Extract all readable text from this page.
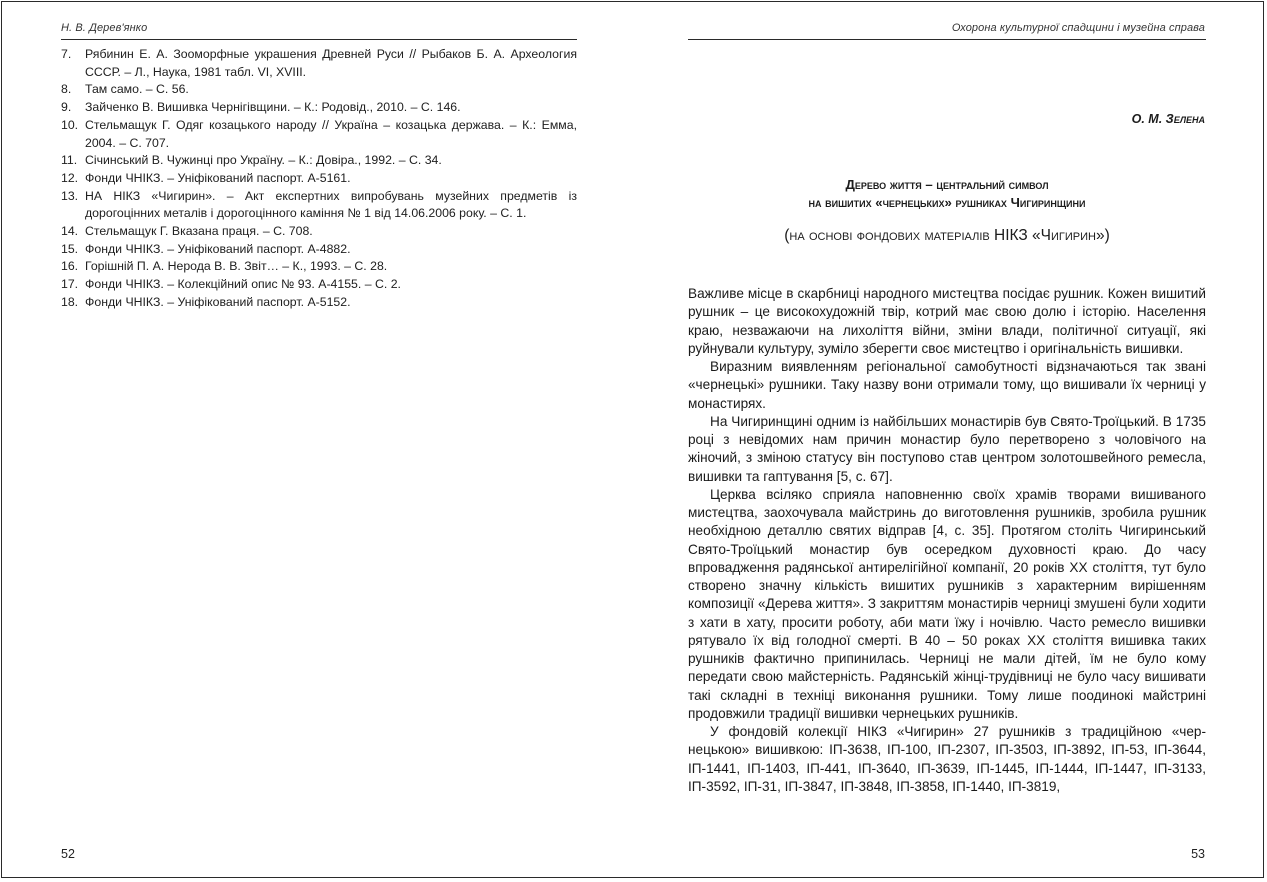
Н. В. Дерев'янко
7.	Рябинин Е. А. Зооморфные украшения Древней Руси // Рыбаков Б. А. Археология СССР. – Л., Наука, 1981 табл. VI, XVIII.
8.	Там само. – С. 56.
9.	Зайченко В. Вишивка Чернігівщини. – К.: Родовід., 2010. – С. 146.
10. Стельмащук Г. Одяг козацького народу // Україна – козацька держава. – К.: Емма, 2004. – С. 707.
11. Січинський В. Чужинці про Україну. – К.: Довіра., 1992. – С. 34.
12. Фонди ЧНІКЗ. – Уніфікований паспорт. А-5161.
13. НА НІКЗ «Чигирин». – Акт експертних випробувань музейних предметів із дорогоцінних металів і дорогоцінного каміння № 1 від 14.06.2006 року. – С. 1.
14. Стельмащук Г. Вказана праця. – С. 708.
15. Фонди ЧНІКЗ. – Уніфікований паспорт. А-4882.
16. Горішній П. А. Нерода В. В. Звіт… – К., 1993. – С. 28.
17. Фонди ЧНІКЗ. – Колекційний опис № 93. А-4155. – С. 2.
18. Фонди ЧНІКЗ. – Уніфікований паспорт. А-5152.
52
Охорона культурної спадщини і музейна справа
О. М. Зелена
Дерево життя – центральний символ
на вишитих «чернецьких» рушниках Чигиринщини
(на основі фондових матеріалів НІКЗ «Чигирин»)

Важливе місце в скарбниці народного мистецтва посідає рушник. Кожен вишитий рушник – це високохудожній твір, котрий має свою долю і історію. Населення краю, незважаючи на лихоліття війни, зміни влади, політичної ситуації, які руйнували культуру, зуміло зберегти своє мистецтво і оригінальність вишивки.

Виразним виявленням регіональної самобутності відзначаються так звані «чернецькі» рушники. Таку назву вони отримали тому, що вишивали їх черниці у монастирях.

На Чигиринщині одним із найбільших монастирів був Свято-Троїцький. В 1735 році з невідомих нам причин монастир було перетворено з чоловічого на жіночий, з зміною статусу він поступово став центром золотошвейного ремесла, вишивки та гаптування [5, с. 67].

Церква всіляко сприяла наповненню своїх храмів творами вишиваного мистецтва, заохочувала майстринь до виготовлення рушників, зробила рушник необхідною деталлю святих відправ [4, с. 35]. Протягом століть Чигиринський Свято-Троїцький монастир був осередком духовності краю. До часу впровадження радянської антирелігійної компанії, 20 років XX століття, тут було створено значну кількість вишитих рушників з характерним вирішенням композиції «Дерева життя». З закриттям монастирів черниці змушені були ходити з хати в хату, просити роботу, аби мати їжу і ночівлю. Часто ремесло вишивки рятувало їх від голодної смерті. В 40 – 50 роках XX століття вишивка таких рушників фактично припинилась. Черниці не мали дітей, їм не було кому передати свою майстерність. Радянській жінці-трудівниці не було часу вишивати такі складні в техніці виконання рушники. Тому лише поодинокі майстрині продовжили традиції вишивки чернецьких рушників.

У фондовій колекції НІКЗ «Чигирин» 27 рушників з традиційною «чернецькою» вишивкою: ІП-3638, ІП-100, ІП-2307, ІП-3503, ІП-3892, ІП-53, ІП-3644, ІП-1441, ІП-1403, ІП-441, ІП-3640, ІП-3639, ІП-1445, ІП-1444, ІП-1447, ІП-3133, ІП-3592, ІП-31, ІП-3847, ІП-3848, ІП-3858, ІП-1440, ІП-3819,

53
